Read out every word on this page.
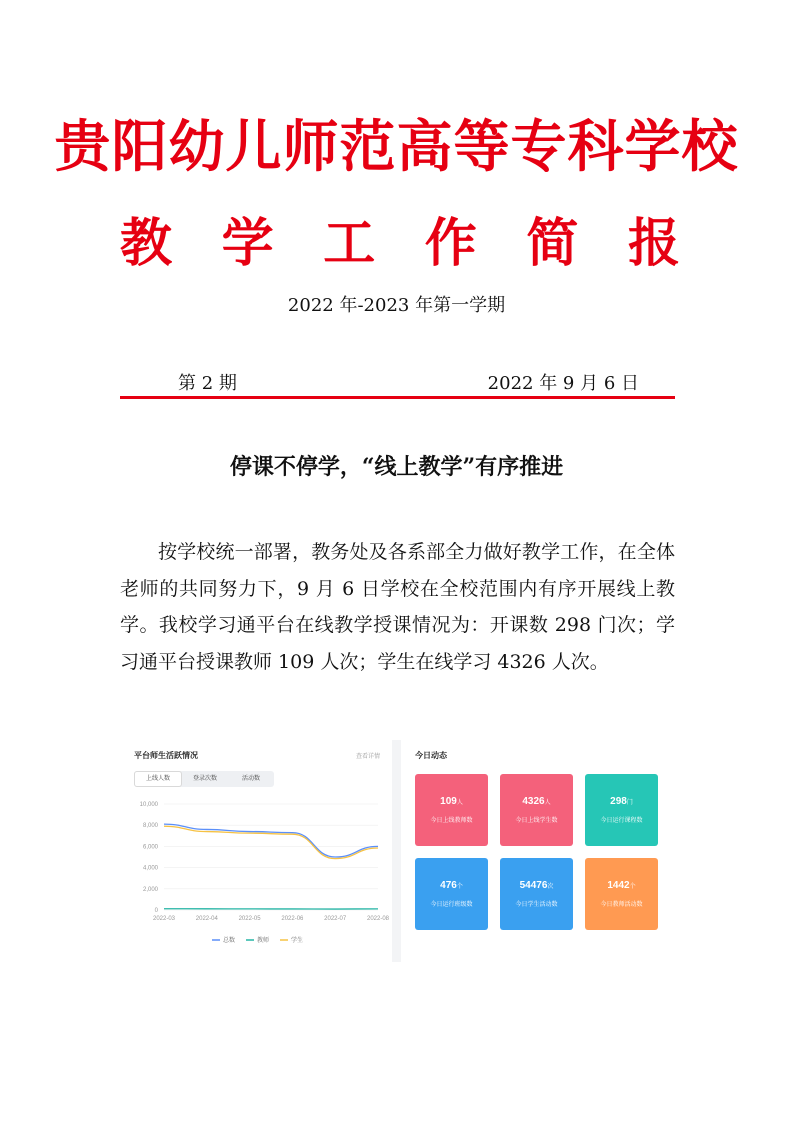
贵阳幼儿师范高等专科学校
教 学 工 作 简 报
2022 年-2023 年第一学期
第 2 期	2022 年 9 月 6 日
停课不停学，“线上教学”有序推进

按学校统一部署，教务处及各系部全力做好教学工作，在全体老师的共同努力下，9 月 6 日学校在全校范围内有序开展线上教学。我校学习通平台在线教学授课情况为：开课数 298 门次；学习通平台授课教师 109 人次；学生在线学习 4326 人次。

平台师生活跃情况	查看详情
上线人数	登录次数	活动数
0
2,000
4,000
6,000
8,000
10,000
2022-03	2022-04	2022-05	2022-06	2022-07	2022-08
总数	教师	学生
今日动态
109人
今日上线教师数
4326人
今日上线学生数
298门
今日运行课程数
476个
今日运行班级数
54476次
今日学生活动数
1442个
今日教师活动数
